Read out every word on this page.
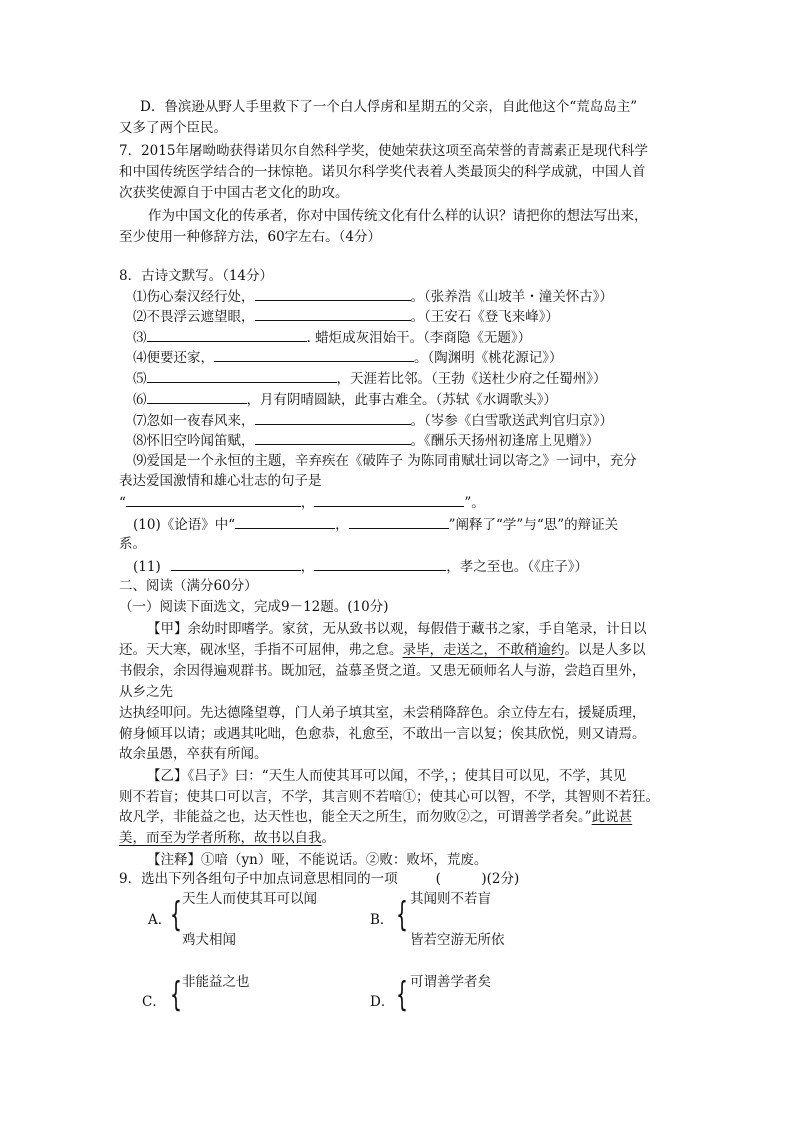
D．鲁滨逊从野人手里救下了一个白人俘虏和星期五的父亲，自此他这个“荒岛岛主”
又多了两个臣民。
7．2015年屠呦呦获得诺贝尔自然科学奖，使她荣获这项至高荣誉的青蒿素正是现代科学
和中国传统医学结合的一抹惊艳。诺贝尔科学奖代表着人类最顶尖的科学成就，中国人首
次获奖使源自于中国古老文化的助攻。
作为中国文化的传承者，你对中国传统文化有什么样的认识？请把你的想法写出来，
至少使用一种修辞方法，60字左右。（4分）
8．古诗文默写。（14分）
⑴伤心秦汉经行处，	。（张养浩《山坡羊・潼关怀古》）
⑵不畏浮云遮望眼，	。（王安石《登飞来峰》）
⑶	. 蜡炬成灰泪始干。（李商隐《无题》）
⑷便要还家，	。（陶渊明《桃花源记》）
⑸	，天涯若比邻。（王勃《送杜少府之任蜀州》）
⑹	，月有阴晴圆缺，此事古难全。（苏轼《水调歌头》）
⑺忽如一夜春风来，	。（岑参《白雪歌送武判官归京》）
⑻怀旧空吟闻笛赋，	。《酬乐天扬州初逢席上见赠》）
⑼爱国是一个永恒的主题，辛弃疾在《破阵子 为陈同甫赋壮词以寄之》一词中，充分
表达爱国激情和雄心壮志的句子是
“	，	”。
(10)《论语》中“	，	”阐释了“学”与“思”的辩证关
系。
(11)	，	，孝之至也。（《庄子》）
二、阅读（满分60分）
（一）阅读下面选文，完成9－12题。(10分)
【甲】余幼时即嗜学。家贫，无从致书以观，每假借于藏书之家，手自笔录，计日以
还。天大寒，砚冰坚，手指不可屈伸，弗之怠。录毕，走送之，不敢稍逾约。以是人多以
书假余，余因得遍观群书。既加冠，益慕圣贤之道。又患无硕师名人与游，尝趋百里外，
从乡之先
达执经叩问。先达德隆望尊，门人弟子填其室，未尝稍降辞色。余立侍左右，援疑质理，
俯身倾耳以请；或遇其叱咄，色愈恭，礼愈至，不敢出一言以复；俟其欣悦，则又请焉。
故余虽愚，卒获有所闻。
【乙】《吕子》曰：“天生人而使其耳可以闻，不学，；使其目可以见，不学，其见
则不若盲；使其口可以言，不学，其言则不若喑①；使其心可以智，不学，其智则不若狂。
故凡学，非能益之也，达天性也，能全天之所生，而勿败②之，可谓善学者矣。”此说甚
美，而至为学者所称，故书以自我。
【注释】①喑（yn）哑，不能说话。②败：败坏，荒废。
9．选出下列各组句子中加点词意思相同的一项	(　　　)(2分)
A．
{ 天生人而使其耳可以闻
鸡犬相闻
B． { 其闻则不若盲
皆若空游无所依
C． { 非能益之也
D． { 可谓善学者矣
